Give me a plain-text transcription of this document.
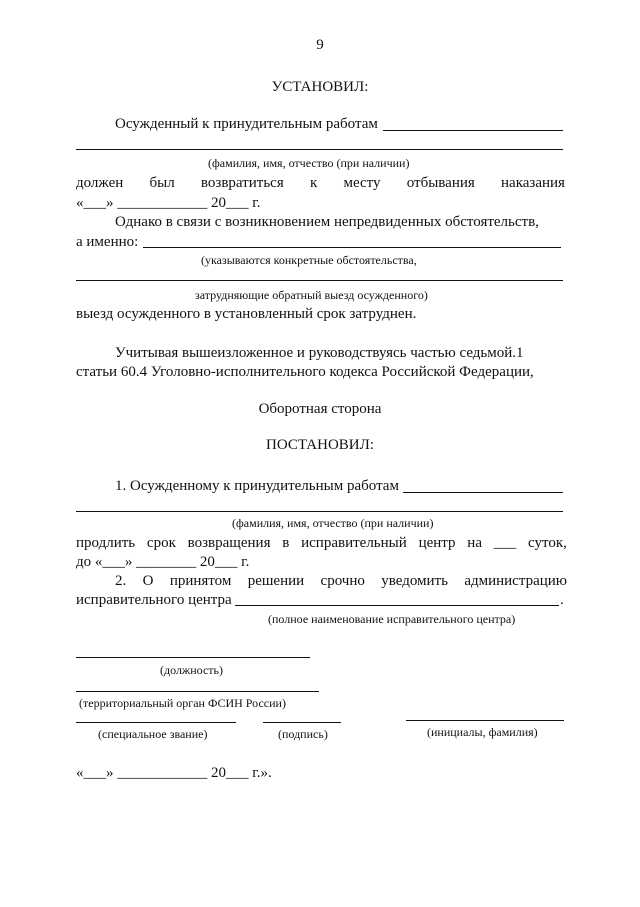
9
УСТАНОВИЛ:
Осужденный к принудительным работам
(фамилия, имя, отчество (при наличии)
должен был возвратиться к месту отбывания наказания
«___» ____________ 20___ г.
Однако в связи с возникновением непредвиденных обстоятельств,
а именно:
(указываются конкретные обстоятельства,
затрудняющие обратный выезд осужденного)
выезд осужденного в установленный срок затруднен.
Учитывая вышеизложенное и руководствуясь частью седьмой.1
статьи 60.4 Уголовно-исполнительного кодекса Российской Федерации,
Оборотная сторона
ПОСТАНОВИЛ:
1. Осужденному к принудительным работам
(фамилия, имя, отчество (при наличии)
продлить срок возвращения в исправительный центр на ___ суток,
до «___» ________ 20___ г.
2. О принятом решении срочно уведомить администрацию
исправительного центра	.
(полное наименование исправительного центра)
(должность)
(территориальный орган ФСИН России)
(специальное звание)	(подпись)	(инициалы, фамилия)
«___» ____________ 20___ г.».
